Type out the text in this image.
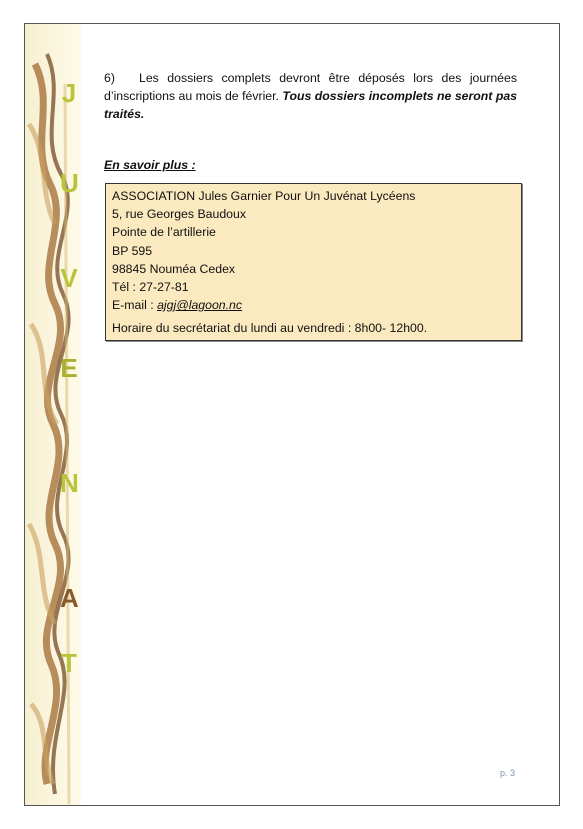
J
U
V
E
N
A
T
6) Les dossiers complets devront être déposés lors des journées d’inscriptions au mois de février. Tous dossiers incomplets ne seront pas traités.
En savoir plus :
ASSOCIATION Jules Garnier Pour Un Juvénat Lycéens
5, rue Georges Baudoux
Pointe de l’artillerie
BP 595
98845 Nouméa Cedex
Tél : 27-27-81
E-mail : ajgj@lagoon.nc
Horaire du secrétariat du lundi au vendredi : 8h00- 12h00.
p. 3
